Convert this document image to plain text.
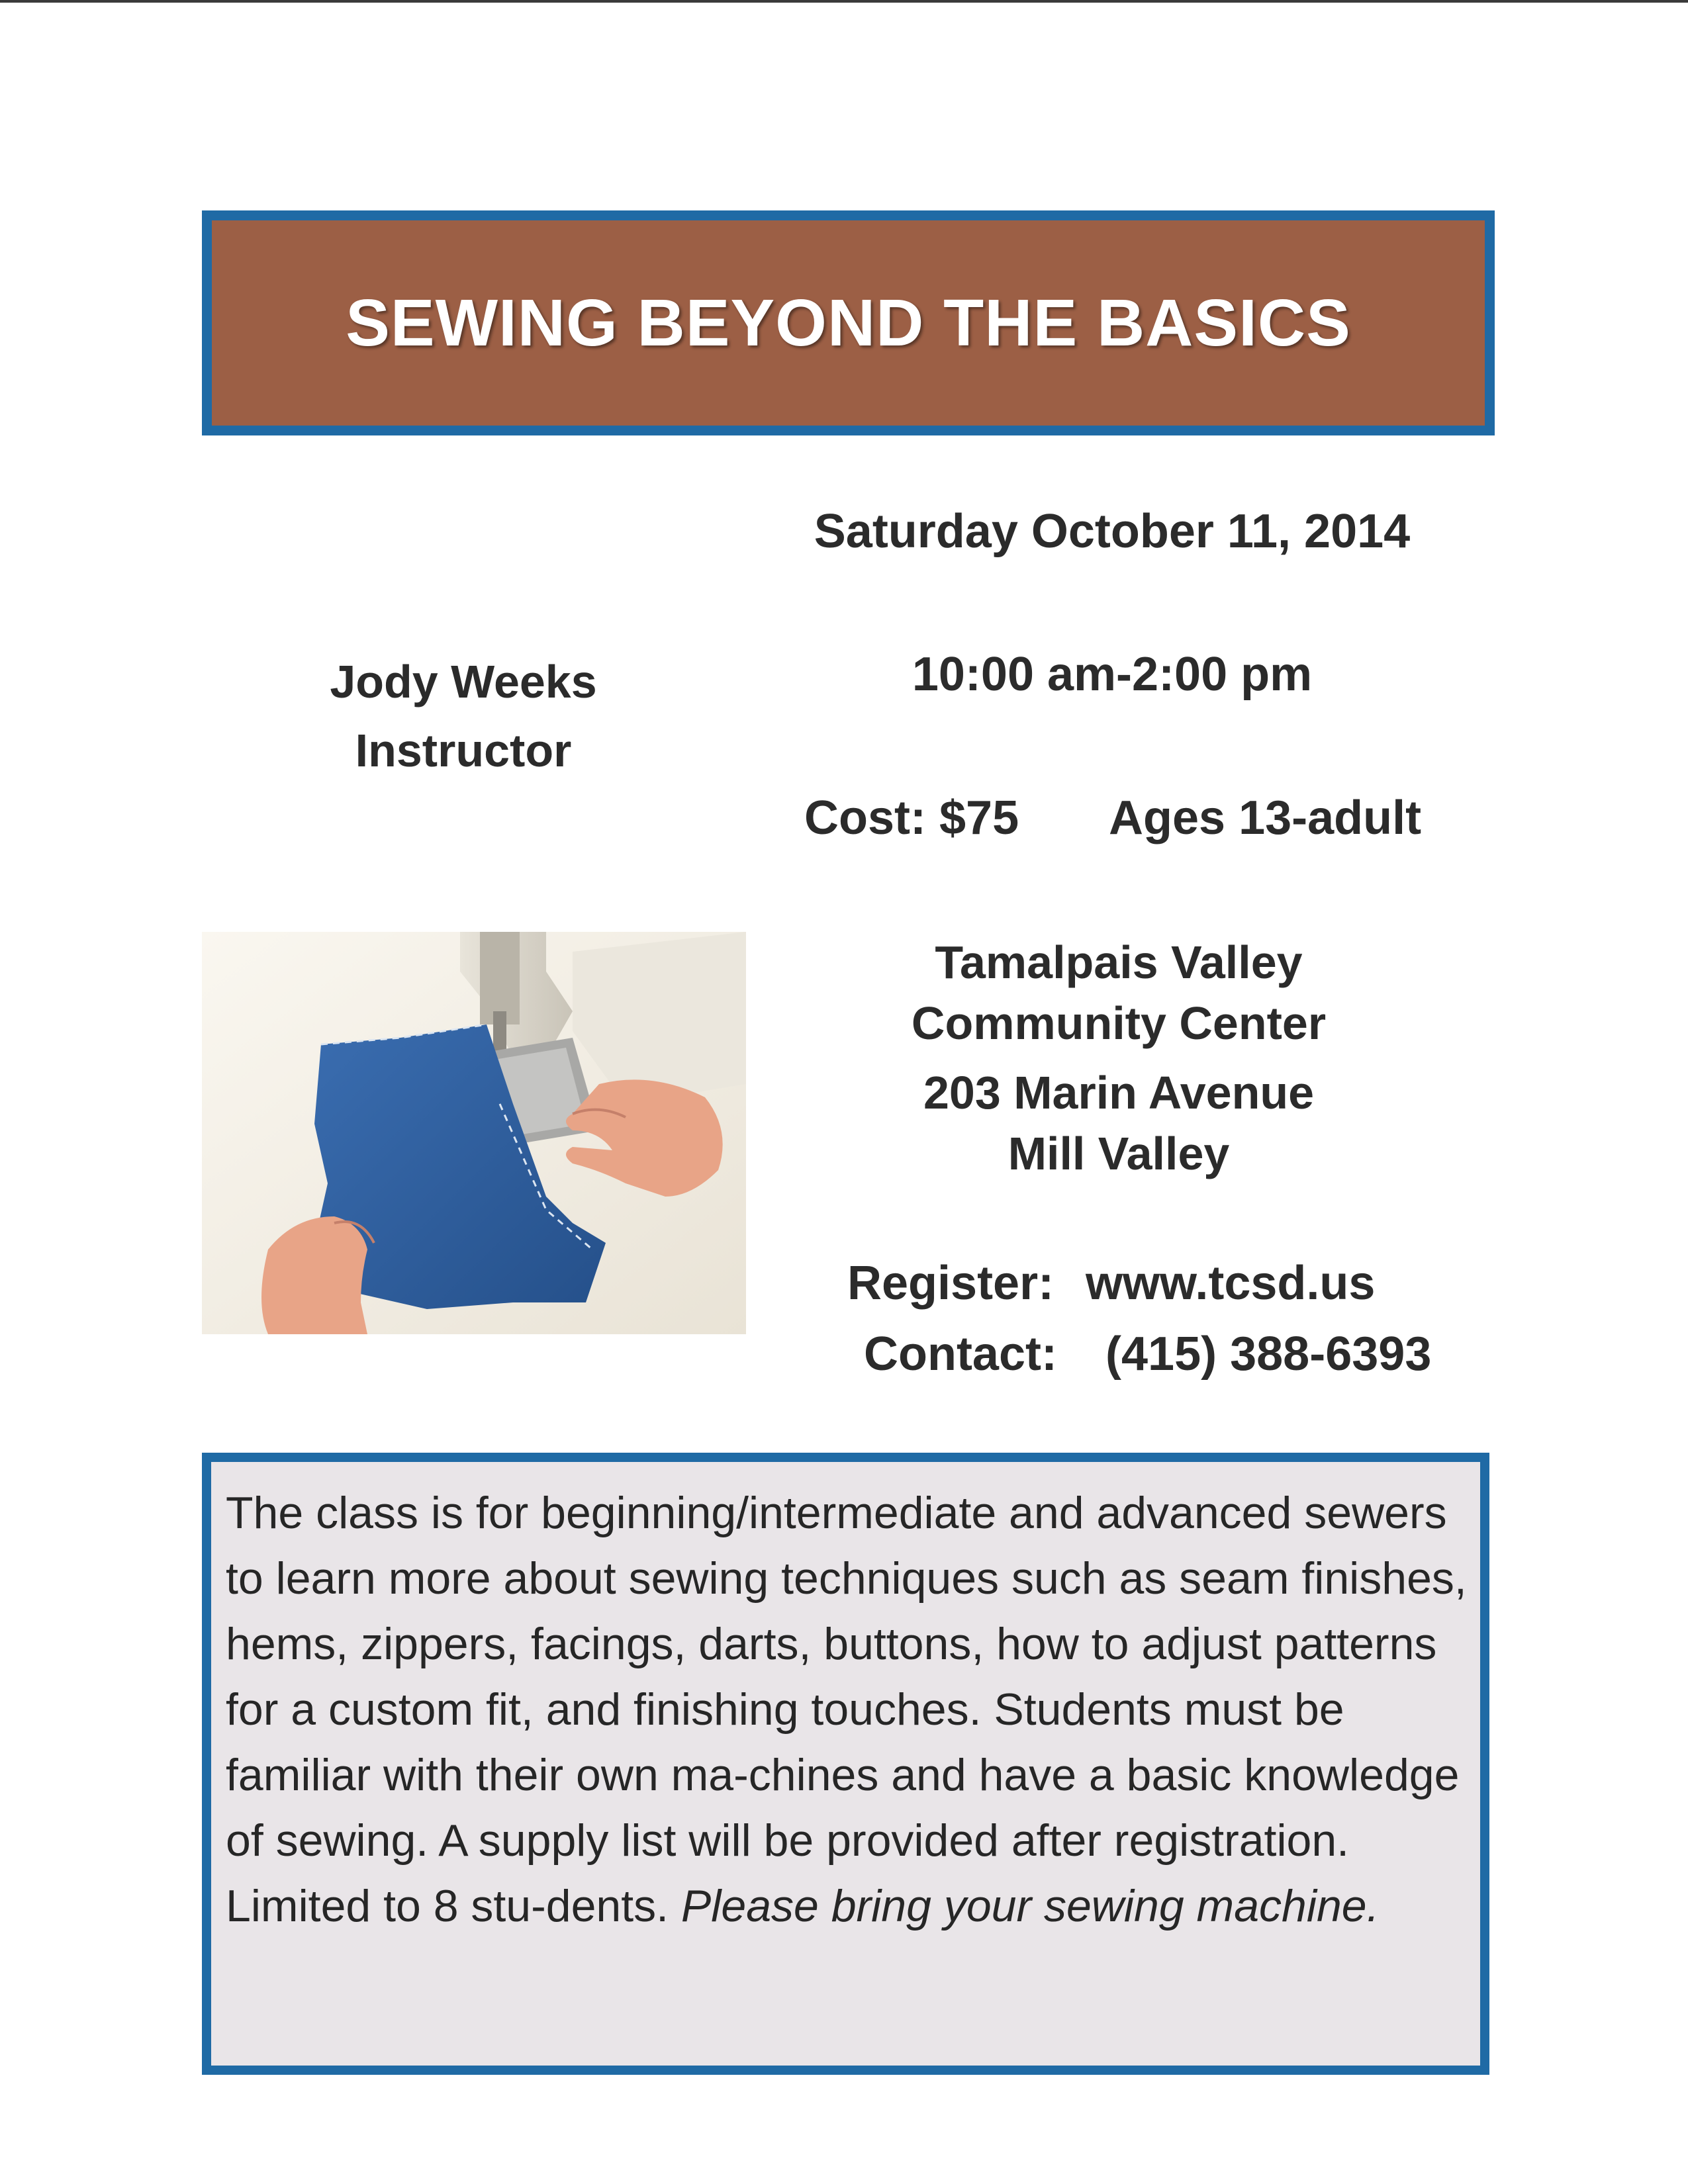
SEWING BEYOND THE BASICS
Saturday October 11, 2014
Jody Weeks
Instructor
10:00 am-2:00 pm
Cost: $75 Ages 13-adult
Tamalpais Valley
Community Center
203 Marin Avenue
Mill Valley
Register: www.tcsd.us
Contact: (415) 388-6393
The class is for beginning/intermediate and advanced sewers to learn more about sewing techniques such as seam finishes, hems, zippers, facings, darts, buttons, how to adjust patterns for a custom fit, and finishing touches. Students must be familiar with their own ma-chines and have a basic knowledge of sewing. A supply list will be provided after registration. Limited to 8 stu-dents. Please bring your sewing machine.
